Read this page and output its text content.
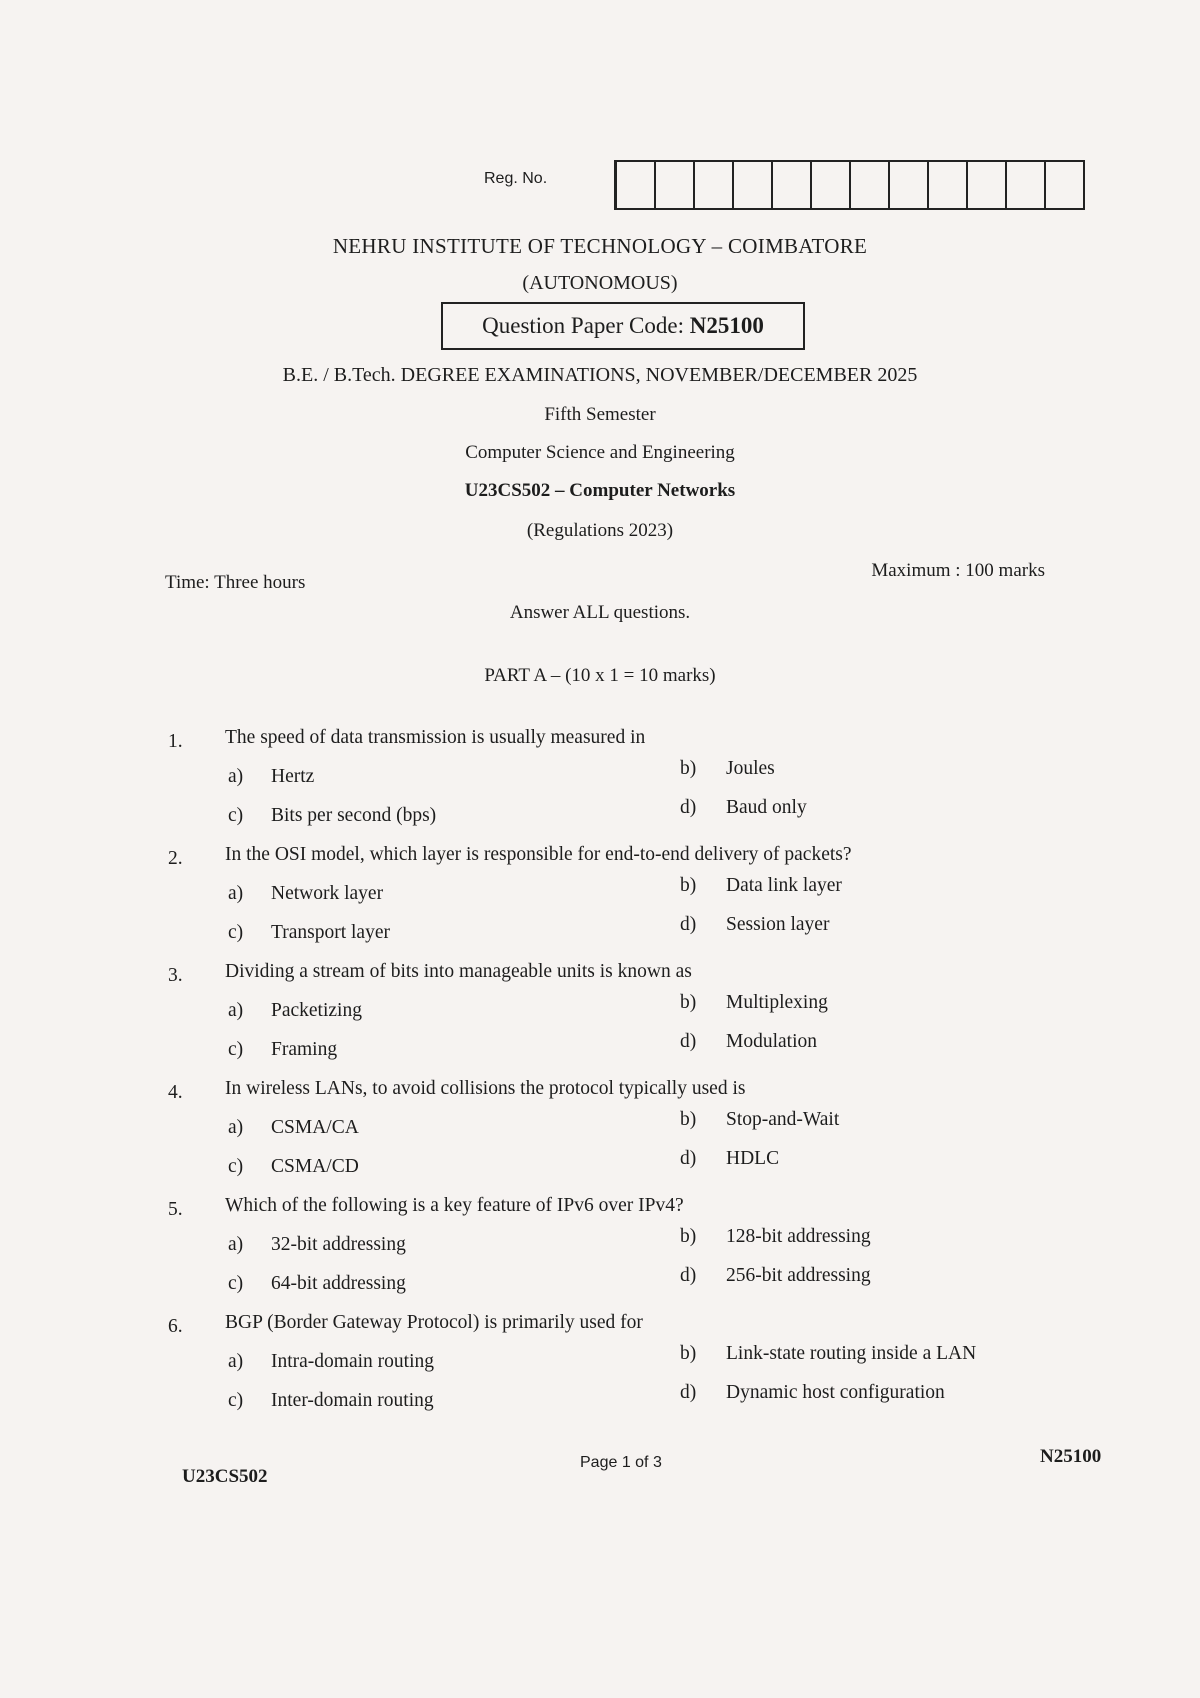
Reg. No.
NEHRU INSTITUTE OF TECHNOLOGY – COIMBATORE
(AUTONOMOUS)
Question Paper Code: N25100
B.E. / B.Tech. DEGREE EXAMINATIONS, NOVEMBER/DECEMBER 2025
Fifth Semester
Computer Science and Engineering
U23CS502 – Computer Networks
(Regulations 2023)
Time: Three hours
Maximum : 100 marks
Answer ALL questions.
PART A – (10 x 1 = 10 marks)
1. The speed of data transmission is usually measured in
a) Hertz	b) Joules
c) Bits per second (bps)	d) Baud only
2. In the OSI model, which layer is responsible for end-to-end delivery of packets?
a) Network layer	b) Data link layer
c) Transport layer	d) Session layer
3. Dividing a stream of bits into manageable units is known as
a) Packetizing	b) Multiplexing
c) Framing	d) Modulation
4. In wireless LANs, to avoid collisions the protocol typically used is
a) CSMA/CA	b) Stop-and-Wait
c) CSMA/CD	d) HDLC
5. Which of the following is a key feature of IPv6 over IPv4?
a) 32-bit addressing	b) 128-bit addressing
c) 64-bit addressing	d) 256-bit addressing
6. BGP (Border Gateway Protocol) is primarily used for
a) Intra-domain routing	b) Link-state routing inside a LAN
c) Inter-domain routing	d) Dynamic host configuration
U23CS502
Page 1 of 3	N25100
